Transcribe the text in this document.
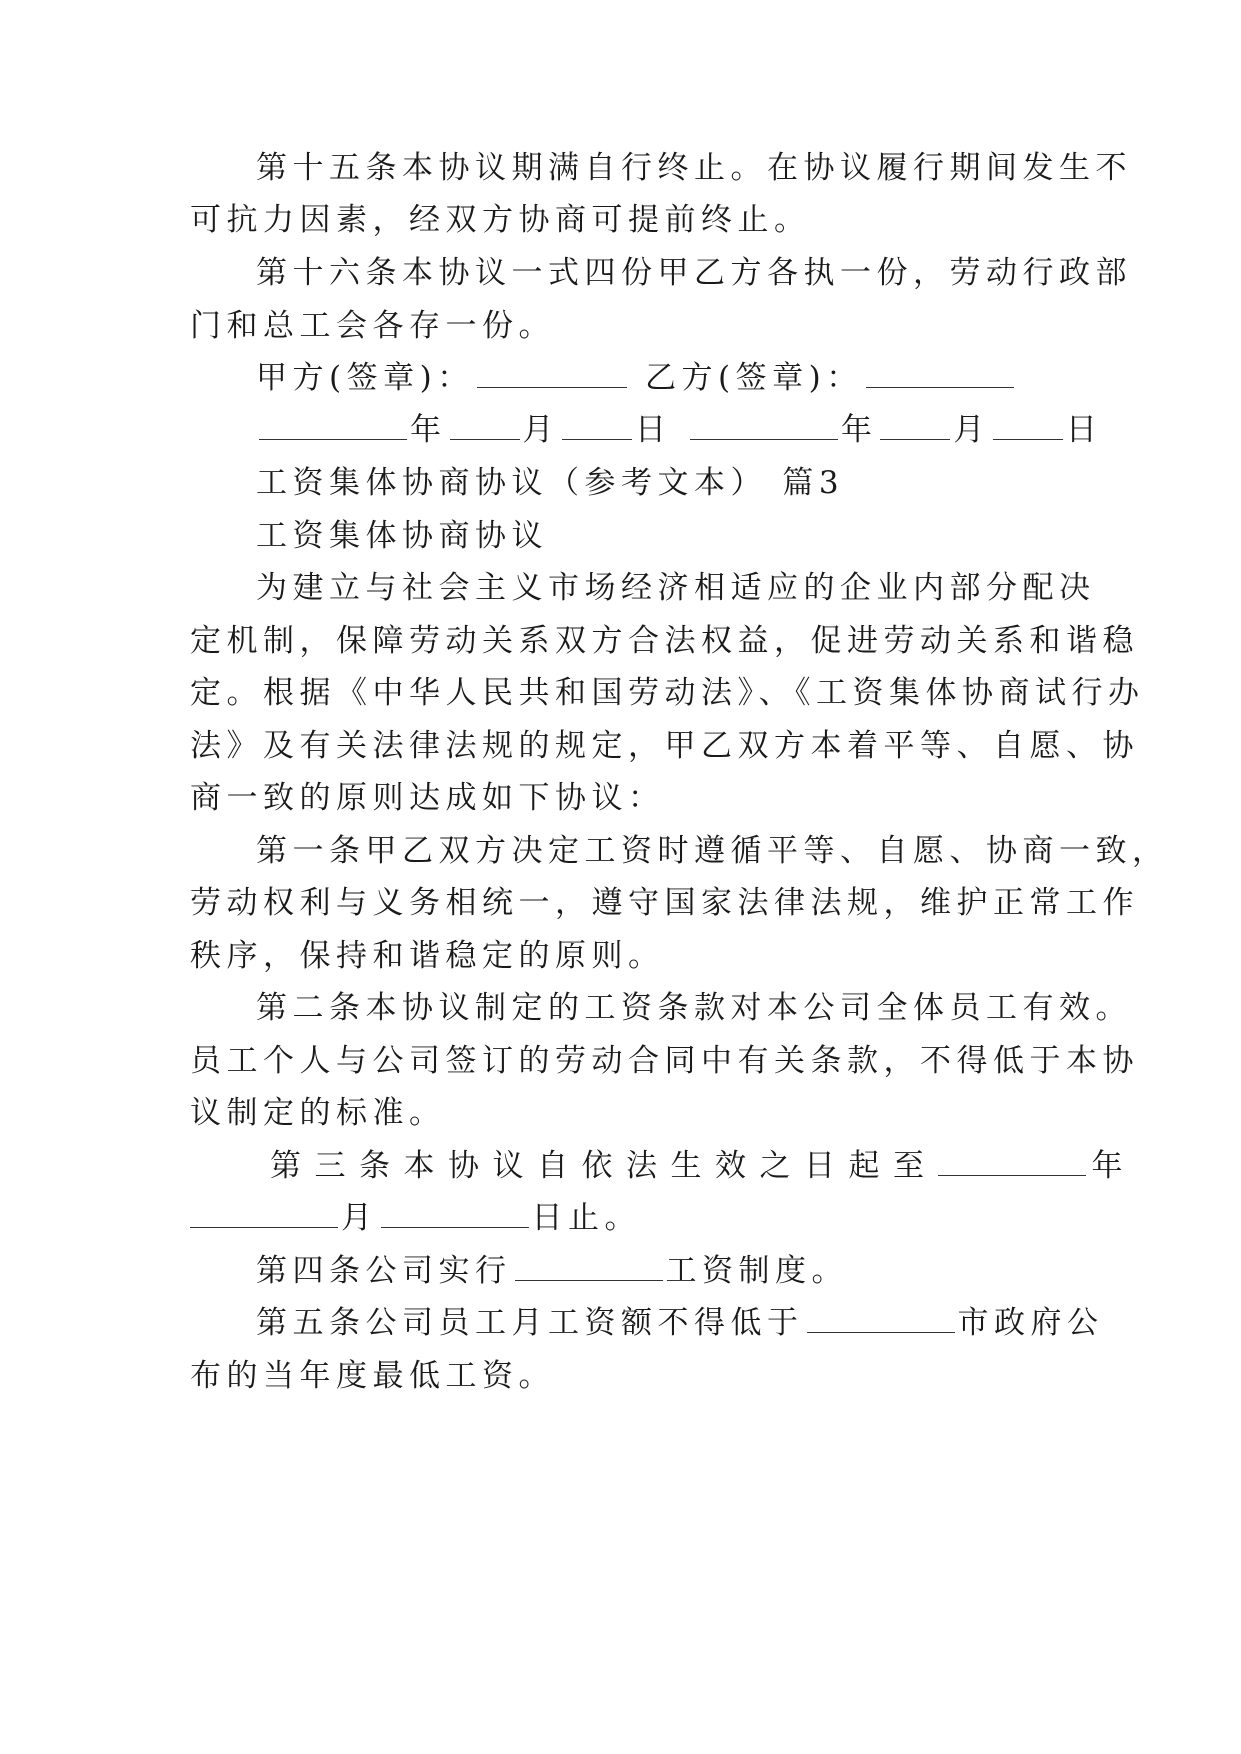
第十五条本协议期满自行终止。在协议履行期间发生不
可抗力因素，经双方协商可提前终止。
第十六条本协议一式四份甲乙方各执一份，劳动行政部
门和总工会各存一份。
甲方(签章)：	乙方(签章)：
年 月 日	年 月 日
工资集体协商协议（参考文本） 篇3
工资集体协商协议
为建立与社会主义市场经济相适应的企业内部分配决
定机制，保障劳动关系双方合法权益，促进劳动关系和谐稳
定。根据《中华人民共和国劳动法》、《工资集体协商试行办
法》及有关法律法规的规定，甲乙双方本着平等、自愿、协
商一致的原则达成如下协议：
第一条甲乙双方决定工资时遵循平等、自愿、协商一致，
劳动权利与义务相统一，遵守国家法律法规，维护正常工作
秩序，保持和谐稳定的原则。
第二条本协议制定的工资条款对本公司全体员工有效。
员工个人与公司签订的劳动合同中有关条款，不得低于本协
议制定的标准。
第三条本协议自依法生效之日起至	年
月	日止。
第四条公司实行	工资制度。
第五条公司员工月工资额不得低于	市政府公
布的当年度最低工资。
